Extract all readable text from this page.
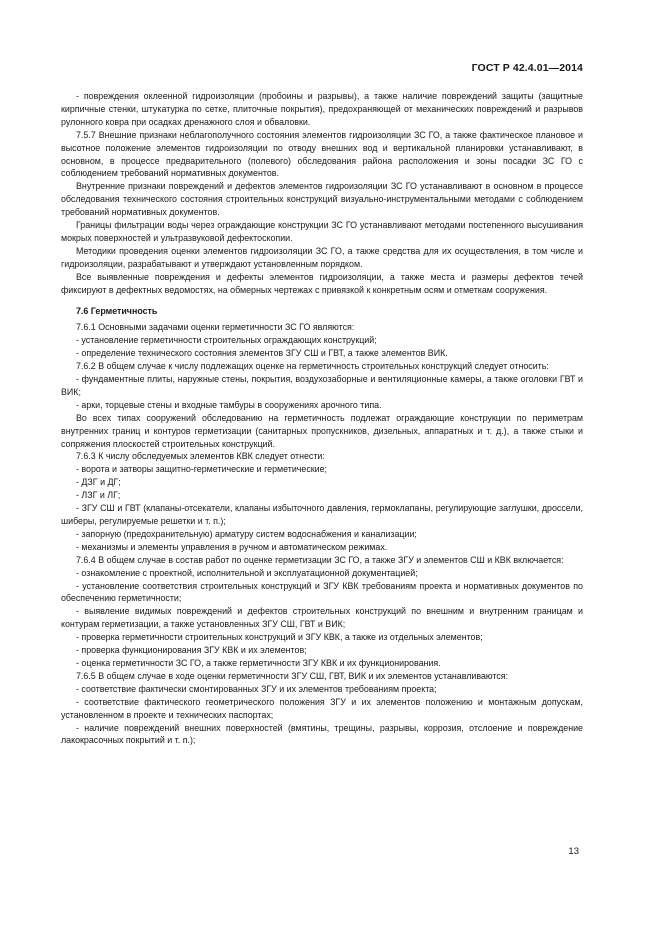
ГОСТ Р 42.4.01—2014

- повреждения оклеенной гидроизоляции (пробоины и разрывы), а также наличие повреждений защиты (защитные кирпичные стенки, штукатурка по сетке, плиточные покрытия), предохраняющей от механических повреждений и разрывов рулонного ковра при осадках дренажного слоя и обваловки.

7.5.7 Внешние признаки неблагополучного состояния элементов гидроизоляции ЗС ГО, а также фактическое плановое и высотное положение элементов гидроизоляции по отводу внешних вод и вертикальной планировки устанавливают, в основном, в процессе предварительного (полевого) обследования района расположения и зоны посадки ЗС ГО с соблюдением требований нормативных документов.

Внутренние признаки повреждений и дефектов элементов гидроизоляции ЗС ГО устанавливают в основном в процессе обследования технического состояния строительных конструкций визуально-инструментальными методами с соблюдением требований нормативных документов.

Границы фильтрации воды через ограждающие конструкции ЗС ГО устанавливают методами постепенного высушивания мокрых поверхностей и ультразвуковой дефектоскопии.

Методики проведения оценки элементов гидроизоляции ЗС ГО, а также средства для их осуществления, в том числе и гидроизоляции, разрабатывают и утверждают установленным порядком.

Все выявленные повреждения и дефекты элементов гидроизоляции, а также места и размеры дефектов течей фиксируют в дефектных ведомостях, на обмерных чертежах с привязкой к конкретным осям и отметкам сооружения.

7.6 Герметичность

7.6.1 Основными задачами оценки герметичности ЗС ГО являются:

- установление герметичности строительных ограждающих конструкций;

- определение технического состояния элементов ЗГУ СШ и ГВТ, а также элементов ВИК.

7.6.2 В общем случае к числу подлежащих оценке на герметичность строительных конструкций следует относить:

- фундаментные плиты, наружные стены, покрытия, воздухозаборные и вентиляционные камеры, а также оголовки ГВТ и ВИК;

- арки, торцевые стены и входные тамбуры в сооружениях арочного типа.

Во всех типах сооружений обследованию на герметичность подлежат ограждающие конструкции по периметрам внутренних границ и контуров герметизации (санитарных пропускников, дизельных, аппаратных и т. д.), а также стыки и сопряжения плоскостей строительных конструкций.

7.6.3 К числу обследуемых элементов КВК следует отнести:

- ворота и затворы защитно-герметические и герметические;

- ДЗГ и ДГ;

- ЛЗГ и ЛГ;

- ЗГУ СШ и ГВТ (клапаны-отсекатели, клапаны избыточного давления, гермоклапаны, регулирующие заглушки, дроссели, шиберы, регулируемые решетки и т. п.);

- запорную (предохранительную) арматуру систем водоснабжения и канализации;

- механизмы и элементы управления в ручном и автоматическом режимах.

7.6.4 В общем случае в состав работ по оценке герметизации ЗС ГО, а также ЗГУ и элементов СШ и КВК включается:

- ознакомление с проектной, исполнительной и эксплуатационной документацией;

- установление соответствия строительных конструкций и ЗГУ КВК требованиям проекта и нормативных документов по обеспечению герметичности;

- выявление видимых повреждений и дефектов строительных конструкций по внешним и внутренним границам и контурам герметизации, а также установленных ЗГУ СШ, ГВТ и ВИК;

- проверка герметичности строительных конструкций и ЗГУ КВК, а также из отдельных элементов;

- проверка функционирования ЗГУ КВК и их элементов;

- оценка герметичности ЗС ГО, а также герметичности ЗГУ КВК и их функционирования.

7.6.5 В общем случае в ходе оценки герметичности ЗГУ СШ, ГВТ, ВИК и их элементов устанавливаются:

- соответствие фактически смонтированных ЗГУ и их элементов требованиям проекта;

- соответствие фактического геометрического положения ЗГУ и их элементов положению и монтажным допускам, установленном в проекте и технических паспортах;

- наличие повреждений внешних поверхностей (вмятины, трещины, разрывы, коррозия, отслоение и повреждение лакокрасочных покрытий и т. п.);

13
